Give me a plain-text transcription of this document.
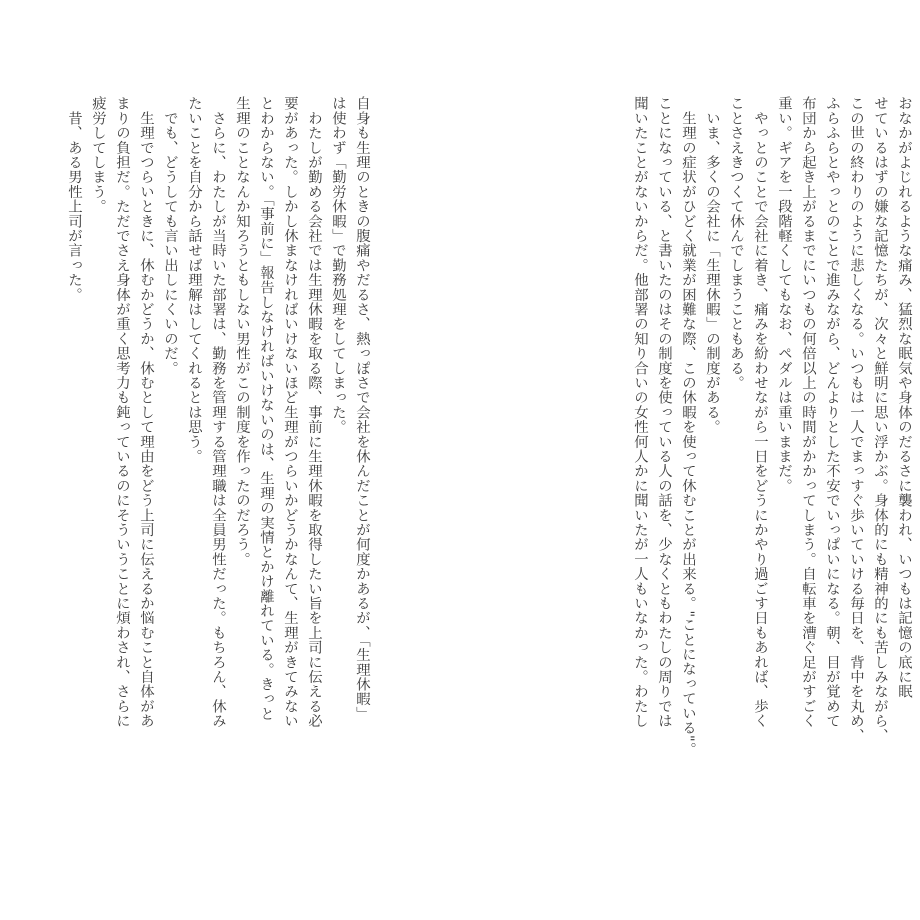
おなかがよじれるような痛み、猛烈な眠気や身体のだるさに襲われ、いつもは記憶の底に眠
せているはずの嫌な記憶たちが、次々と鮮明に思い浮かぶ。身体的にも精神的にも苦しみながら、
この世の終わりのように悲しくなる。いつもは一人でまっすぐ歩いていける毎日を、背中を丸め、
ふらふらとやっとのことで進みながら、どんよりとした不安でいっぱいになる。朝、目が覚めて
布団から起き上がるまでにいつもの何倍以上の時間がかかってしまう。自転車を漕ぐ足がすごく
重い。ギアを一段階軽くしてもなお、ペダルは重いままだ。
　やっとのことで会社に着き、痛みを紛わせながら一日をどうにかやり過ごす日もあれば、歩く
ことさえきつくて休んでしまうこともある。
　いま、多くの会社に「生理休暇」の制度がある。
　生理の症状がひどく就業が困難な際、この休暇を使って休むことが出来る。"ことになっている"。
ことになっている、と書いたのはその制度を使っている人の話を、少なくともわたしの周りでは
聞いたことがないからだ。他部署の知り合いの女性何人かに聞いたが一人もいなかった。わたし
自身も生理のときの腹痛やだるさ、熱っぽさで会社を休んだことが何度かあるが、「生理休暇」
は使わず「勤労休暇」で勤務処理をしてしまった。
　わたしが勤める会社では生理休暇を取る際、事前に生理休暇を取得したい旨を上司に伝える必
要があった。しかし休まなければいけないほど生理がつらいかどうかなんて、生理がきてみない
とわからない。「事前に」報告しなければいけないのは、生理の実情とかけ離れている。きっと
生理のことなんか知ろうともしない男性がこの制度を作ったのだろう。
　さらに、わたしが当時いた部署は、勤務を管理する管理職は全員男性だった。もちろん、休み
たいことを自分から話せば理解はしてくれるとは思う。
　でも、どうしても言い出しにくいのだ。
　生理でつらいときに、休むかどうか、休むとして理由をどう上司に伝えるか悩むこと自体があ
まりの負担だ。ただでさえ身体が重く思考力も鈍っているのにそういうことに煩わされ、さらに
疲労してしまう。
　昔、ある男性上司が言った。
